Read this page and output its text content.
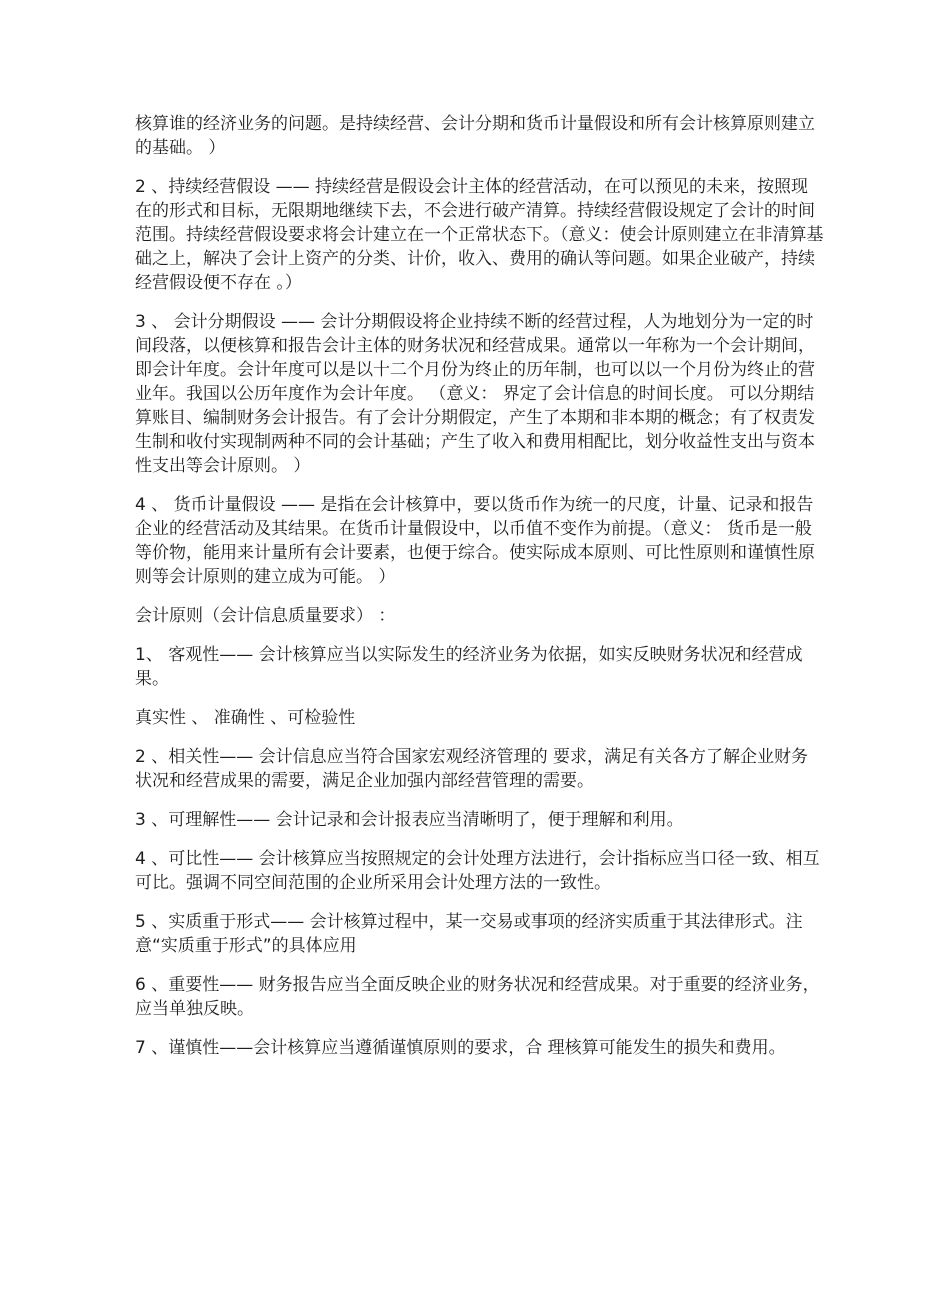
核算谁的经济业务的问题。是持续经营、会计分期和货币计量假设和所有会计核算原则建立的基础。 ）

2 、持续经营假设 —— 持续经营是假设会计主体的经营活动，在可以预见的未来，按照现在的形式和目标，无限期地继续下去，不会进行破产清算。持续经营假设规定了会计的时间范围。持续经营假设要求将会计建立在一个正常状态下。（意义：使会计原则建立在非清算基础之上，解决了会计上资产的分类、计价，收入、费用的确认等问题。如果企业破产，持续经营假设便不存在 。）

3 、 会计分期假设 —— 会计分期假设将企业持续不断的经营过程，人为地划分为一定的时间段落，以便核算和报告会计主体的财务状况和经营成果。通常以一年称为一个会计期间，即会计年度。会计年度可以是以十二个月份为终止的历年制，也可以以一个月份为终止的营业年。我国以公历年度作为会计年度。 （意义： 界定了会计信息的时间长度。 可以分期结算账目、编制财务会计报告。有了会计分期假定，产生了本期和非本期的概念；有了权责发生制和收付实现制两种不同的会计基础；产生了收入和费用相配比，划分收益性支出与资本性支出等会计原则。 ）

4 、 货币计量假设 —— 是指在会计核算中，要以货币作为统一的尺度，计量、记录和报告企业的经营活动及其结果。在货币计量假设中，以币值不变作为前提。（意义： 货币是一般等价物，能用来计量所有会计要素，也便于综合。使实际成本原则、可比性原则和谨慎性原则等会计原则的建立成为可能。 ）

会计原则（会计信息质量要求） ：

1、 客观性—— 会计核算应当以实际发生的经济业务为依据，如实反映财务状况和经营成果。

真实性 、 准确性 、可检验性

2 、相关性—— 会计信息应当符合国家宏观经济管理的 要求，满足有关各方了解企业财务状况和经营成果的需要，满足企业加强内部经营管理的需要。

3 、可理解性—— 会计记录和会计报表应当清晰明了，便于理解和利用。

4 、可比性—— 会计核算应当按照规定的会计处理方法进行，会计指标应当口径一致、相互可比。强调不同空间范围的企业所采用会计处理方法的一致性。

5 、实质重于形式—— 会计核算过程中，某一交易或事项的经济实质重于其法律形式。注意“实质重于形式”的具体应用

6 、重要性—— 财务报告应当全面反映企业的财务状况和经营成果。对于重要的经济业务，应当单独反映。

7 、谨慎性——会计核算应当遵循谨慎原则的要求，合 理核算可能发生的损失和费用。
